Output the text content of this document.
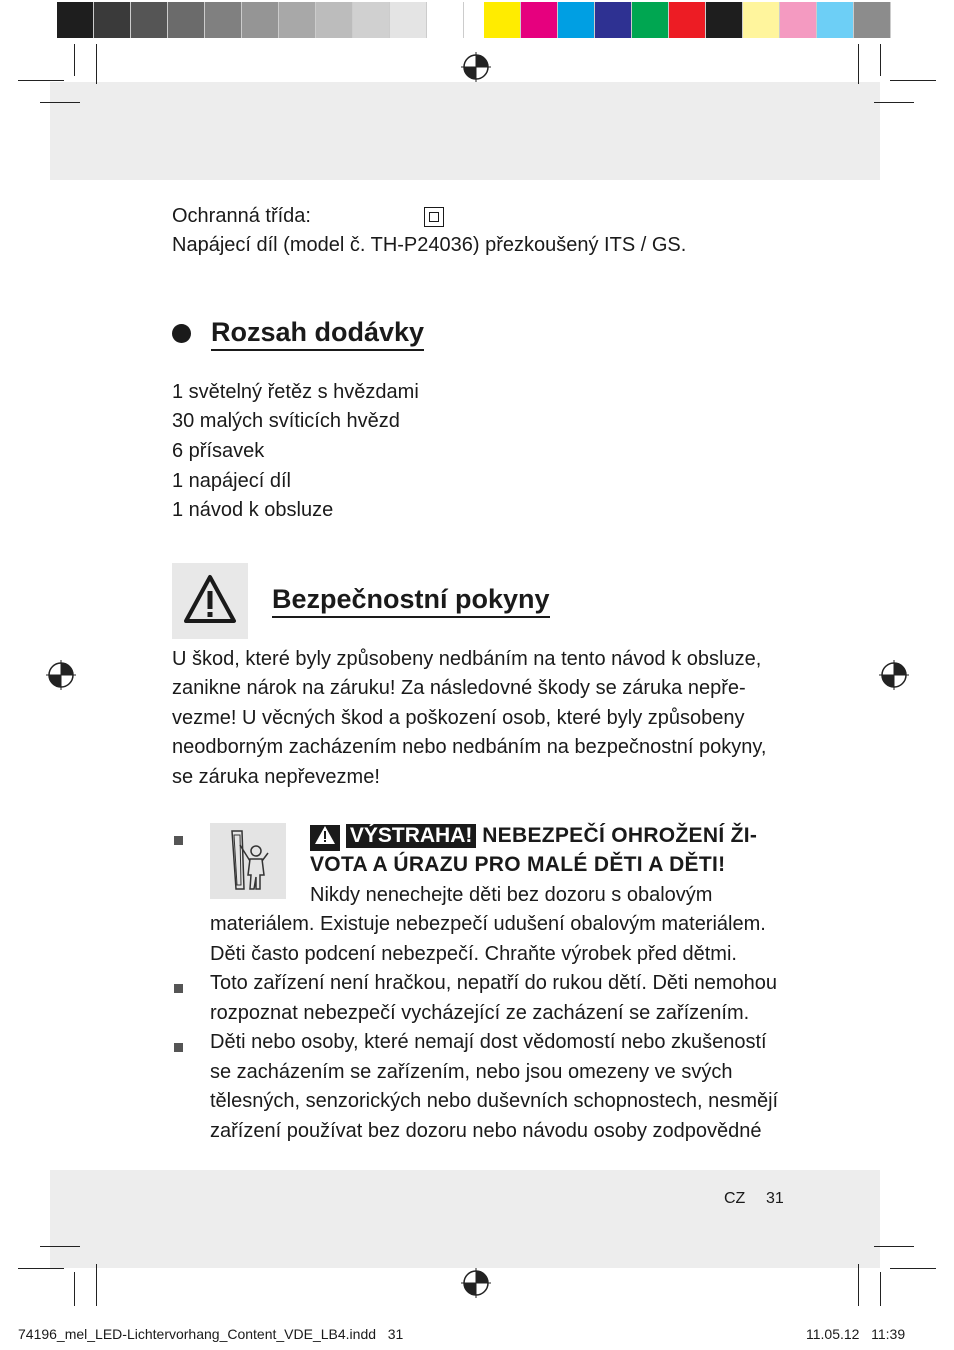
Ochranná třída:
Napájecí díl (model č. TH-P24036) přezkoušený ITS / GS.
Rozsah dodávky
1 světelný řetěz s hvězdami
30 malých svíticích hvězd
6 přísavek
1 napájecí díl
1 návod k obsluze
Bezpečnostní pokyny
U škod, které byly způsobeny nedbáním na tento návod k obsluze,
zanikne nárok na záruku! Za následovné škody se záruka nepře-
vezme! U věcných škod a poškození osob, které byly způsobeny
neodborným zacházením nebo nedbáním na bezpečnostní pokyny,
se záruka nepřevezme!
VÝSTRAHA! NEBEZPEČÍ OHROŽENÍ ŽI-
VOTA A ÚRAZU PRO MALÉ DĚTI A DĚTI!
Nikdy nenechejte děti bez dozoru s obalovým
materiálem. Existuje nebezpečí udušení obalovým materiálem.
Děti často podcení nebezpečí. Chraňte výrobek před dětmi.
Toto zařízení není hračkou, nepatří do rukou dětí. Děti nemohou
rozpoznat nebezpečí vycházející ze zacházení se zařízením.
Děti nebo osoby, které nemají dost vědomostí nebo zkušeností
se zacházením se zařízením, nebo jsou omezeny ve svých
tělesných, senzorických nebo duševních schopnostech, nesmějí
zařízení používat bez dozoru nebo návodu osoby zodpovědné
CZ 31
74196_mel_LED-Lichtervorhang_Content_VDE_LB4.indd   31	11.05.12   11:39
